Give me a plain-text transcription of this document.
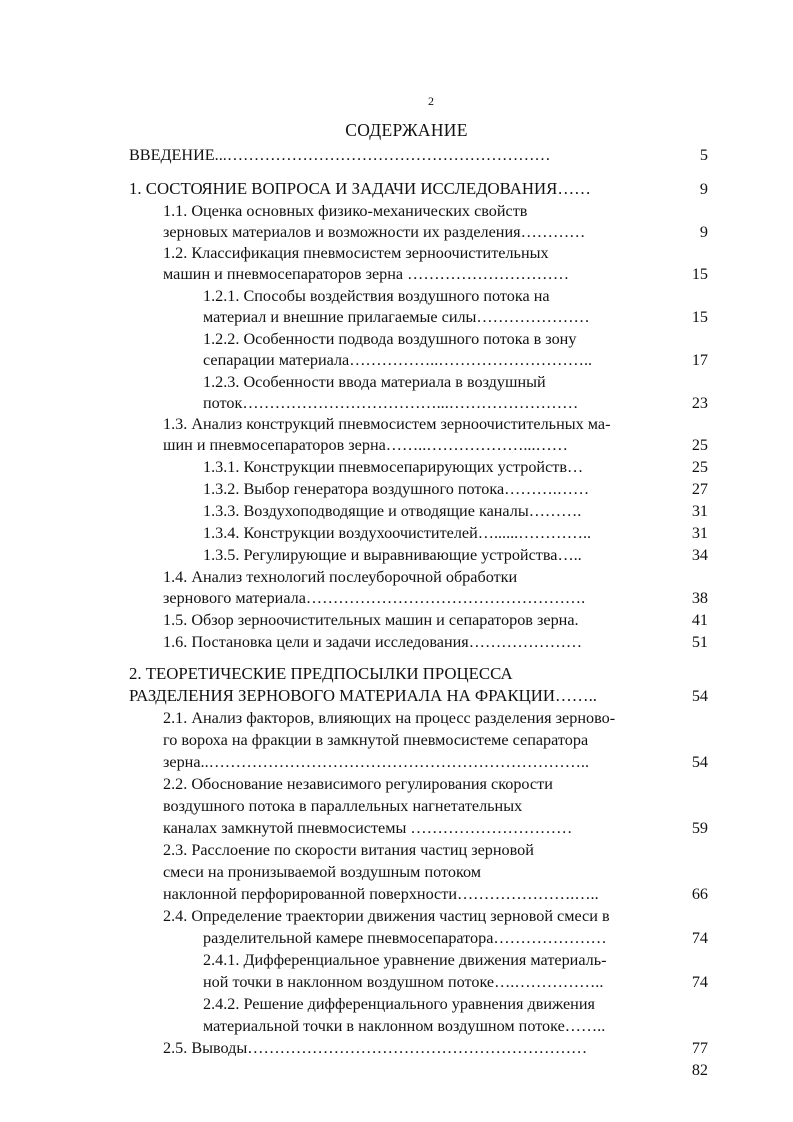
2
СОДЕРЖАНИЕ
ВВЕДЕНИЕ...……………………………………………………
1. СОСТОЯНИЕ ВОПРОСА И ЗАДАЧИ ИССЛЕДОВАНИЯ……
1.1. Оценка основных физико-механических свойств
зерновых материалов и возможности их разделения…………
1.2. Классификация пневмосистем зерноочистительных
машин и пневмосепараторов зерна …………………………
1.2.1. Способы воздействия воздушного потока на
материал и внешние прилагаемые силы…………………
1.2.2. Особенности подвода воздушного потока в зону
сепарации материала……………..………………………..
1.2.3. Особенности ввода материала в воздушный
поток………………………………...……………………
1.3. Анализ конструкций пневмосистем зерноочистительных ма-
шин и пневмосепараторов зерна……..………………...……
1.3.1. Конструкции пневмосепарирующих устройств…
1.3.2. Выбор генератора воздушного потока……….……
1.3.3. Воздухоподводящие и отводящие каналы……….
1.3.4. Конструкции воздухоочистителей…......…………..
1.3.5. Регулирующие и выравнивающие устройства…..
1.4. Анализ технологий послеуборочной обработки
зернового материала…………………………………………….
1.5. Обзор зерноочистительных машин и сепараторов зерна.
1.6. Постановка цели и задачи исследования…………………
2. ТЕОРЕТИЧЕСКИЕ ПРЕДПОСЫЛКИ ПРОЦЕССА
РАЗДЕЛЕНИЯ ЗЕРНОВОГО МАТЕРИАЛА НА ФРАКЦИИ……..
2.1. Анализ факторов, влияющих на процесс разделения зерново-
го вороха на фракции в замкнутой пневмосистеме сепаратора
зерна..……………………………………………………………..
2.2. Обоснование независимого регулирования скорости
воздушного потока в параллельных нагнетательных
каналах замкнутой пневмосистемы …………………………
2.3. Расслоение по скорости витания частиц зерновой
смеси на пронизываемой воздушным потоком
наклонной перфорированной поверхности………………….…..
2.4. Определение траектории движения частиц зерновой смеси в
разделительной камере пневмосепаратора…………………
2.4.1. Дифференциальное уравнение движения материаль-
ной точки в наклонном воздушном потоке….……………..
2.4.2. Решение дифференциального уравнения движения
материальной точки в наклонном воздушном потоке……..
2.5. Выводы………………………………………………………
5
9
9
15
15
17
23
25
25
27
31
31
34
38
41
51
54
54
59
66
74
74
77
82
